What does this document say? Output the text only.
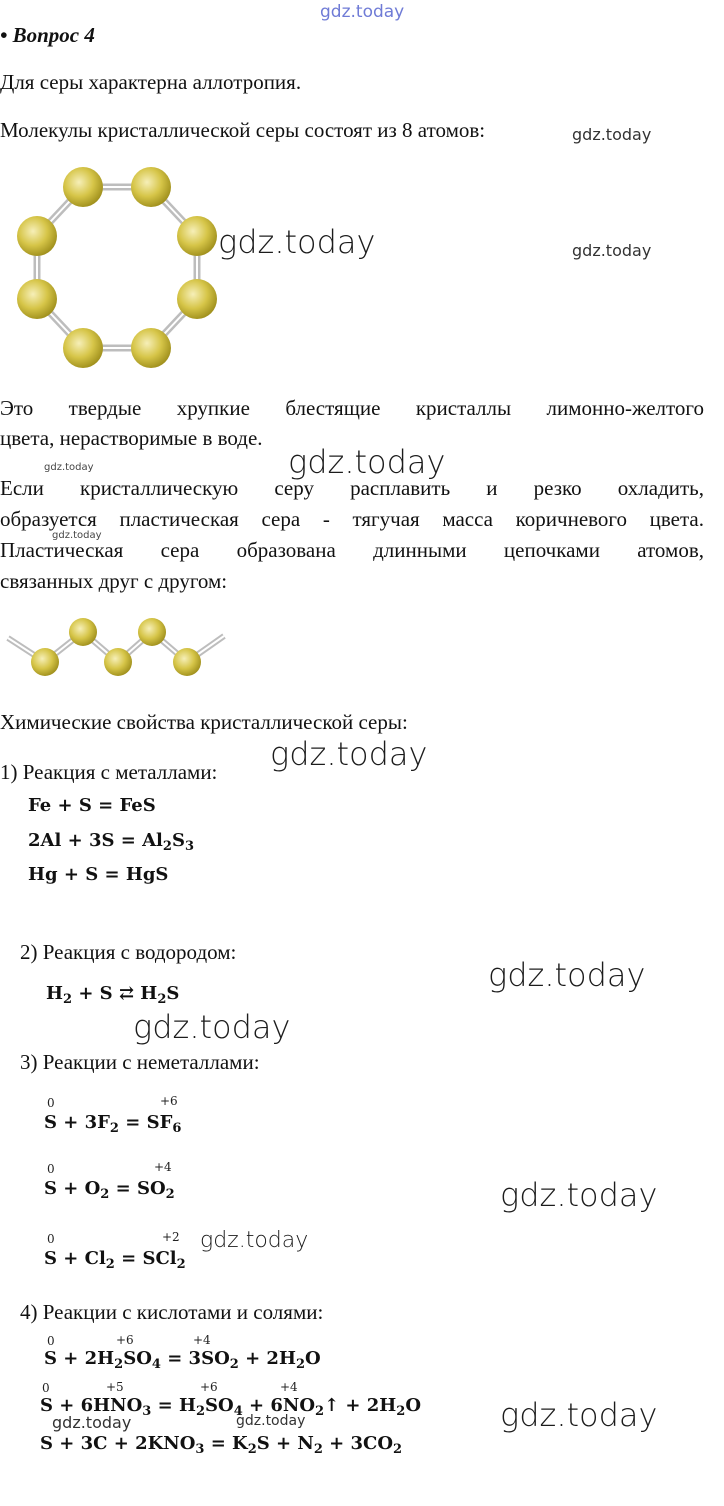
gdz.today
• Вопрос 4
Для серы характерна аллотропия.
Молекулы кристаллической серы состоят из 8 атомов:	gdz.today
gdz.today	gdz.today
Это твердые хрупкие блестящие кристаллы лимонно-желтого
цвета, нерастворимые в воде.
gdz.today	gdz.today
Если кристаллическую серу расплавить и резко охладить,
образуется пластическая сера - тягучая масса коричневого цвета.
gdz.today
Пластическая сера образована длинными цепочками атомов,
связанных друг с другом:
Химические свойства кристаллической серы:
gdz.today
1) Реакция с металлами:
Fe + S = FeS
$2Al + 3S = Al_2S_3$
Hg + S = HgS
2) Реакция с водородом:
gdz.today
$H_2 + S$ ⇄ $H_2S$
gdz.today
3) Реакции с неметаллами:
0	+6
$S + 3F_2 = SF_6$
0	+4
$S + O_2 = SO_2$	gdz.today
0	+2 gdz.today
$S + Cl_2 = SCl_2$
4) Реакции с кислотами и солями:
0	+6	+4
$S + 2H_2SO_4 = 3SO_2 + 2H_2O$
0	+5	+6	+4
$S + 6HNO_3 = H_2SO_4$ + $6NO_2↑ + 2H_2O$
gdz.today	gdz.today	gdz.today
$S + 3C + 2KNO_3 = K_2S + N_2 + 3CO_2$
